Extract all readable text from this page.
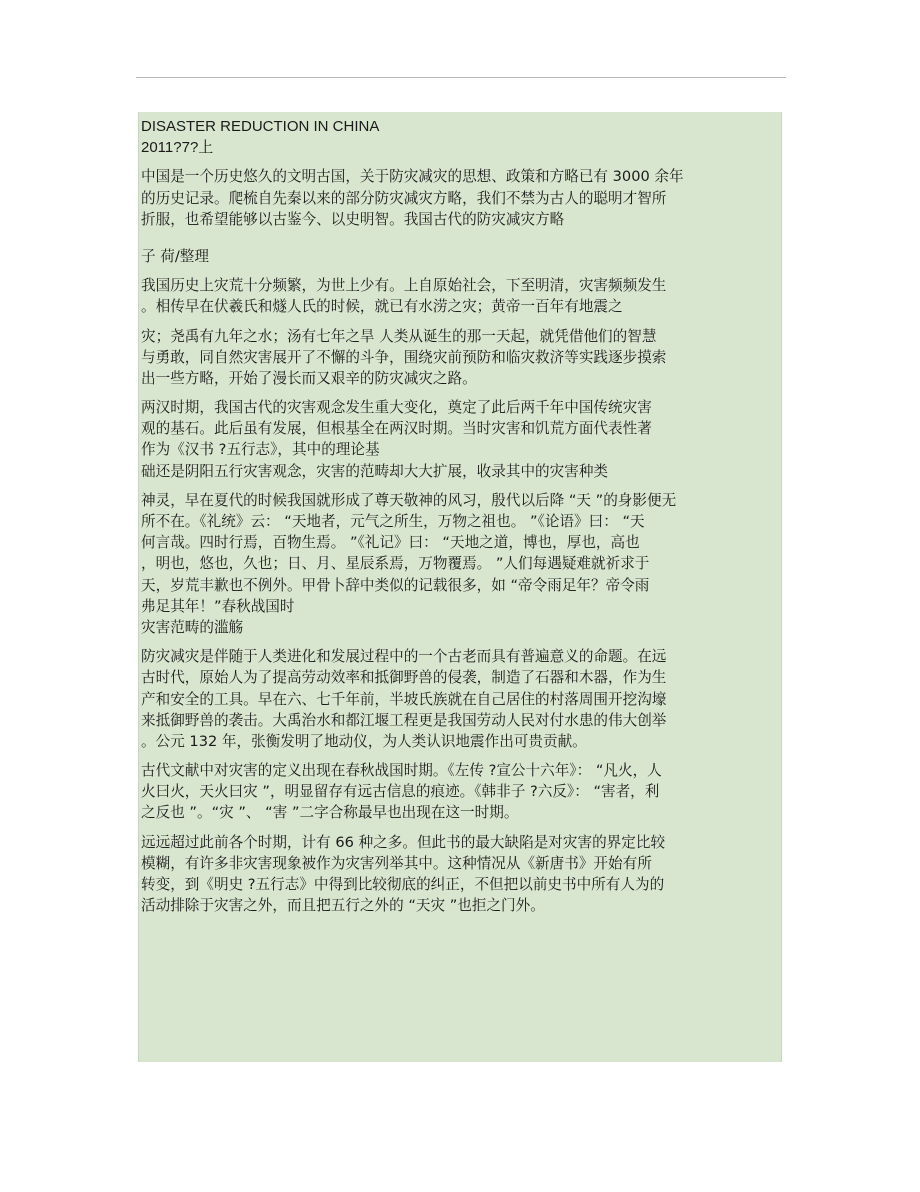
DISASTER REDUCTION IN CHINA
2011?7?上
中国是一个历史悠久的文明古国，关于防灾减灾的思想、政策和方略已有 3000 余年
的历史记录。爬梳自先秦以来的部分防灾减灾方略，我们不禁为古人的聪明才智所
折服，也希望能够以古鉴今、以史明智。我国古代的防灾减灾方略
子 荷/整理
我国历史上灾荒十分频繁，为世上少有。上自原始社会，下至明清，灾害频频发生
。相传早在伏羲氏和燧人氏的时候，就已有水涝之灾；黄帝一百年有地震之
灾；尧禹有九年之水；汤有七年之旱 人类从诞生的那一天起，就凭借他们的智慧
与勇敢，同自然灾害展开了不懈的斗争，围绕灾前预防和临灾救济等实践逐步摸索
出一些方略，开始了漫长而又艰辛的防灾减灾之路。
两汉时期，我国古代的灾害观念发生重大变化，奠定了此后两千年中国传统灾害
观的基石。此后虽有发展，但根基全在两汉时期。当时灾害和饥荒方面代表性著
作为《汉书 ?五行志》，其中的理论基
础还是阴阳五行灾害观念，灾害的范畴却大大扩展，收录其中的灾害种类
神灵，早在夏代的时候我国就形成了尊天敬神的风习，殷代以后降 “天 ”的身影便无
所不在。《礼统》云： “天地者，元气之所生，万物之祖也。 ”《论语》曰： “天
何言哉。四时行焉，百物生焉。 ”《礼记》曰： “天地之道，博也，厚也，高也
，明也，悠也，久也；日、月、星辰系焉，万物覆焉。 ”人们每遇疑难就祈求于
天，岁荒丰歉也不例外。甲骨卜辞中类似的记载很多，如 “帝令雨足年？帝令雨
弗足其年！”春秋战国时
灾害范畴的滥觞
防灾减灾是伴随于人类进化和发展过程中的一个古老而具有普遍意义的命题。在远
古时代，原始人为了提高劳动效率和抵御野兽的侵袭，制造了石器和木器，作为生
产和安全的工具。早在六、七千年前，半坡氏族就在自己居住的村落周围开挖沟壕
来抵御野兽的袭击。大禹治水和都江堰工程更是我国劳动人民对付水患的伟大创举
。公元 132 年，张衡发明了地动仪，为人类认识地震作出可贵贡献。
古代文献中对灾害的定义出现在春秋战国时期。《左传 ?宣公十六年》： “凡火，人
火曰火，天火曰灾 ”，明显留存有远古信息的痕迹。《韩非子 ?六反》： “害者，利
之反也 ”。“灾 ”、 “害 ”二字合称最早也出现在这一时期。
远远超过此前各个时期，计有 66 种之多。但此书的最大缺陷是对灾害的界定比较
模糊，有许多非灾害现象被作为灾害列举其中。这种情况从《新唐书》开始有所
转变，到《明史 ?五行志》中得到比较彻底的纠正，不但把以前史书中所有人为的
活动排除于灾害之外，而且把五行之外的 “天灾 ”也拒之门外。
